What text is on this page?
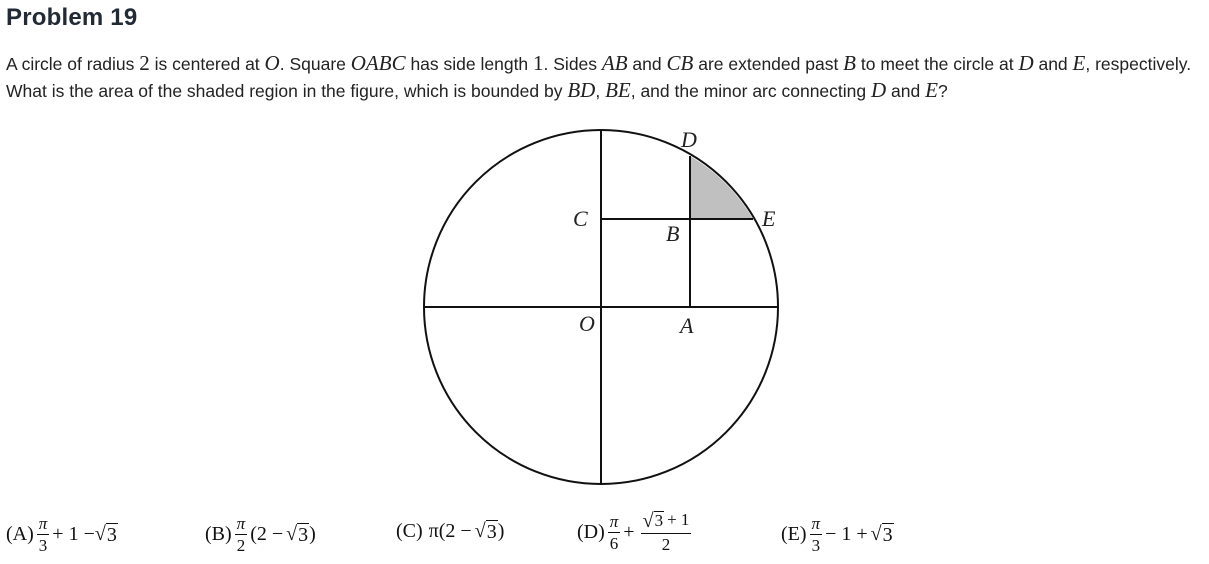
Problem 19
A circle of radius 2 is centered at O. Square OABC has side length 1. Sides AB and CB are extended past B to meet the circle at D and E, respectively. What is the area of the shaded region in the figure, which is bounded by BD, BE, and the minor arc connecting D and E?
D
E
C
B
O	A
$(A) \frac{\pi}{3} + 1$ − √ 3	$(B) \frac{\pi}{2} (2$ − √ 3 )	(C) π(2 − √ 3 )	$(D) \frac{\pi}{6} + \frac{√ 3 + 1}{2}$	$(E) \frac{\pi}{3} - 1$ + √ 3
